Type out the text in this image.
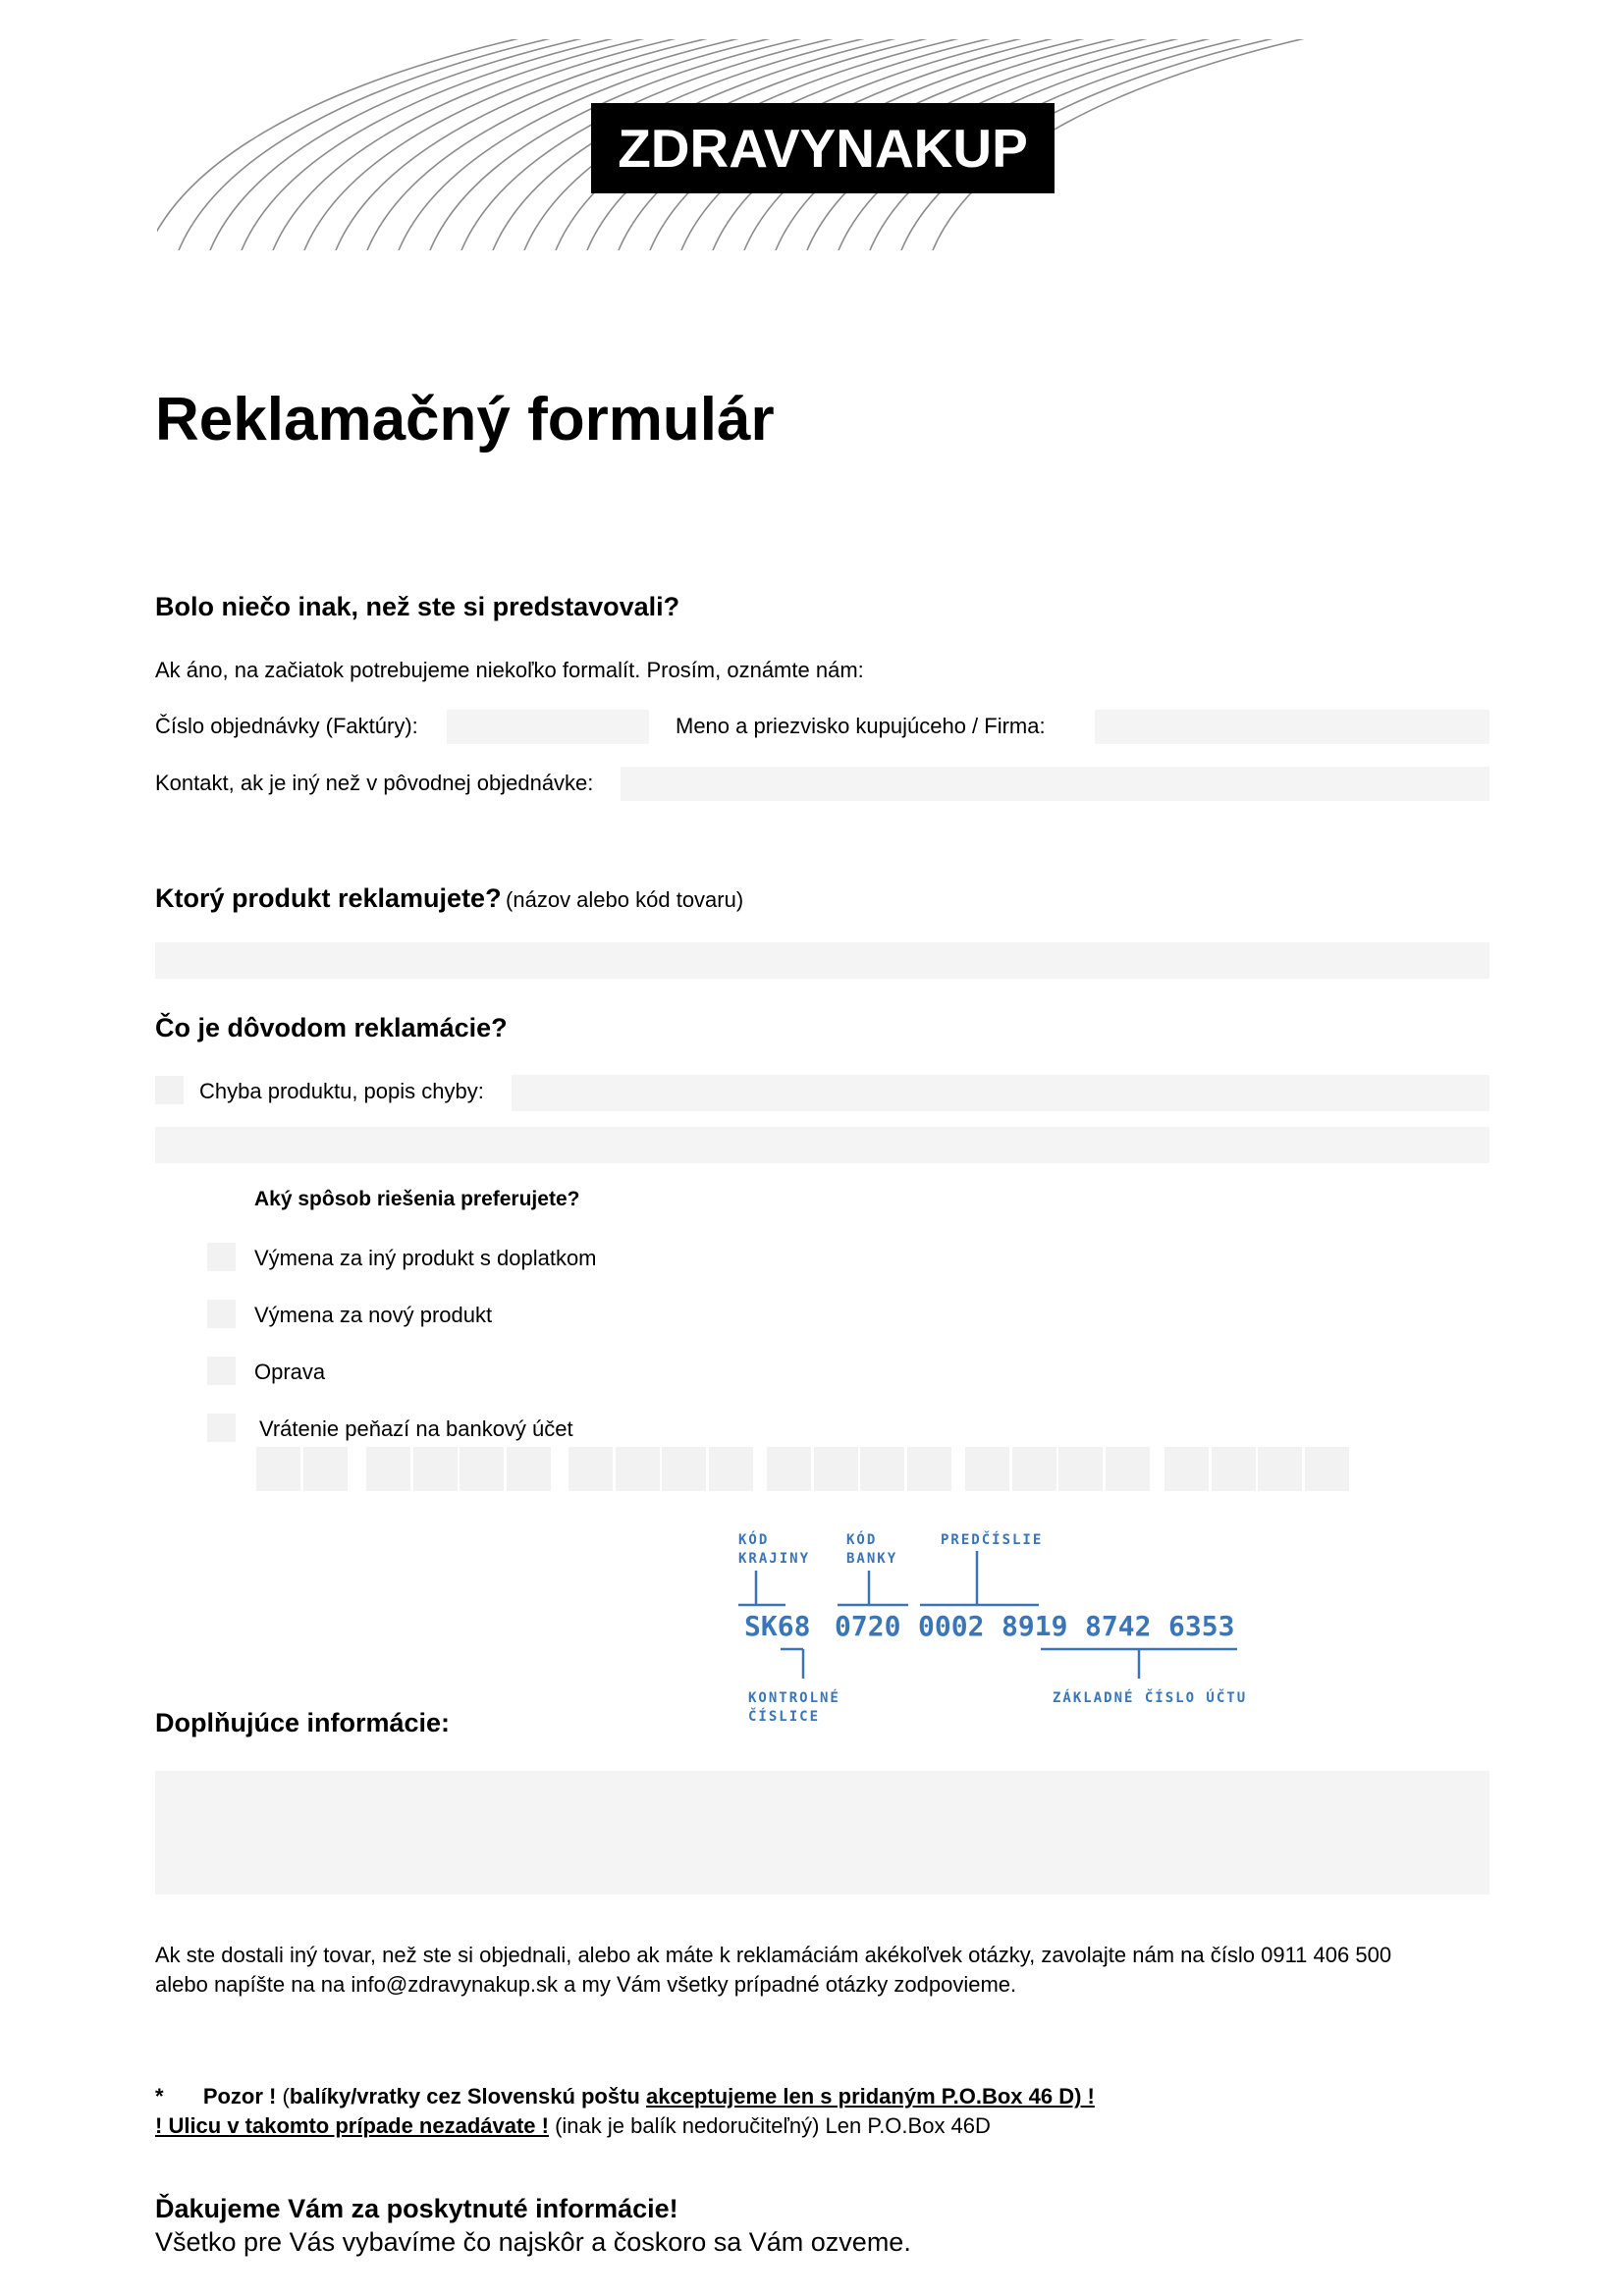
ZDRAVYNAKUP
Reklamačný formulár
Bolo niečo inak, než ste si predstavovali?
Ak áno, na začiatok potrebujeme niekoľko formalít. Prosím, oznámte nám:
Číslo objednávky (Faktúry):	Meno a priezvisko kupujúceho / Firma:
Kontakt, ak je iný než v pôvodnej objednávke:
Ktorý produkt reklamujete? (názov alebo kód tovaru)
Čo je dôvodom reklamácie?
Chyba produktu, popis chyby:
Aký spôsob riešenia preferujete?
Výmena za iný produkt s doplatkom
Výmena za nový produkt
Oprava
Vrátenie peňazí na bankový účet
KÓD
KRAJINY
KÓD
BANKY
PREDČÍSLIE
SK68 0720 0002 8919 8742 6353
KONTROLNÉ
ČÍSLICE
ZÁKLADNÉ ČÍSLO ÚČTU
Doplňujúce informácie:
Ak ste dostali iný tovar, než ste si objednali, alebo ak máte k reklamáciám akékoľvek otázky, zavolajte nám na číslo 0911 406 500
alebo napíšte na na info@zdravynakup.sk a my Vám všetky prípadné otázky zodpovieme.
* Pozor ! (balíky/vratky cez Slovenskú poštu akceptujeme len s pridaným P.O.Box 46 D) !
! Ulicu v takomto prípade nezadávate ! (inak je balík nedoručiteľný) Len P.O.Box 46D
Ďakujeme Vám za poskytnuté informácie!
Všetko pre Vás vybavíme čo najskôr a čoskoro sa Vám ozveme.
